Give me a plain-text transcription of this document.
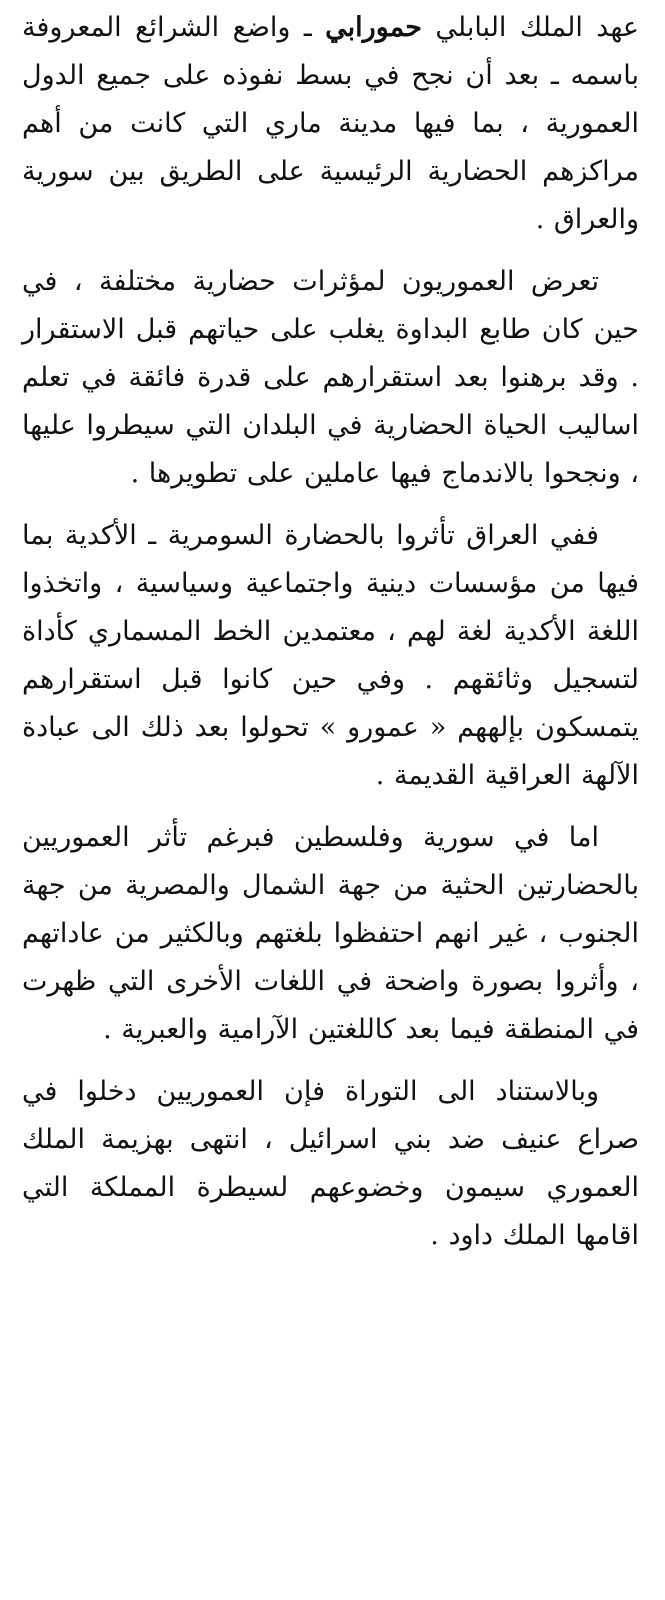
عهد الملك البابلي حمورابي ـ واضع الشرائع المعروفة باسمه ـ بعد أن نجح في بسط نفوذه على جميع الدول العمورية ، بما فيها مدينة ماري التي كانت من أهم مراكزهم الحضارية الرئيسية على الطريق بين سورية والعراق .

تعرض العموريون لمؤثرات حضارية مختلفة ، في حين كان طابع البداوة يغلب على حياتهم قبل الاستقرار . وقد برهنوا بعد استقرارهم على قدرة فائقة في تعلم اساليب الحياة الحضارية في البلدان التي سيطروا عليها ، ونجحوا بالاندماج فيها عاملين على تطويرها .

ففي العراق تأثروا بالحضارة السومرية ـ الأكدية بما فيها من مؤسسات دينية واجتماعية وسياسية ، واتخذوا اللغة الأكدية لغة لهم ، معتمدين الخط المسماري كأداة لتسجيل وثائقهم . وفي حين كانوا قبل استقرارهم يتمسكون بإلههم « عمورو » تحولوا بعد ذلك الى عبادة الآلهة العراقية القديمة .

اما في سورية وفلسطين فبرغم تأثر العموريين بالحضارتين الحثية من جهة الشمال والمصرية من جهة الجنوب ، غير انهم احتفظوا بلغتهم وبالكثير من عاداتهم ، وأثروا بصورة واضحة في اللغات الأخرى التي ظهرت في المنطقة فيما بعد كاللغتين الآرامية والعبرية .

وبالاستناد الى التوراة فإن العموريين دخلوا في صراع عنيف ضد بني اسرائيل ، انتهى بهزيمة الملك العموري سيمون وخضوعهم لسيطرة المملكة التي اقامها الملك داود .
